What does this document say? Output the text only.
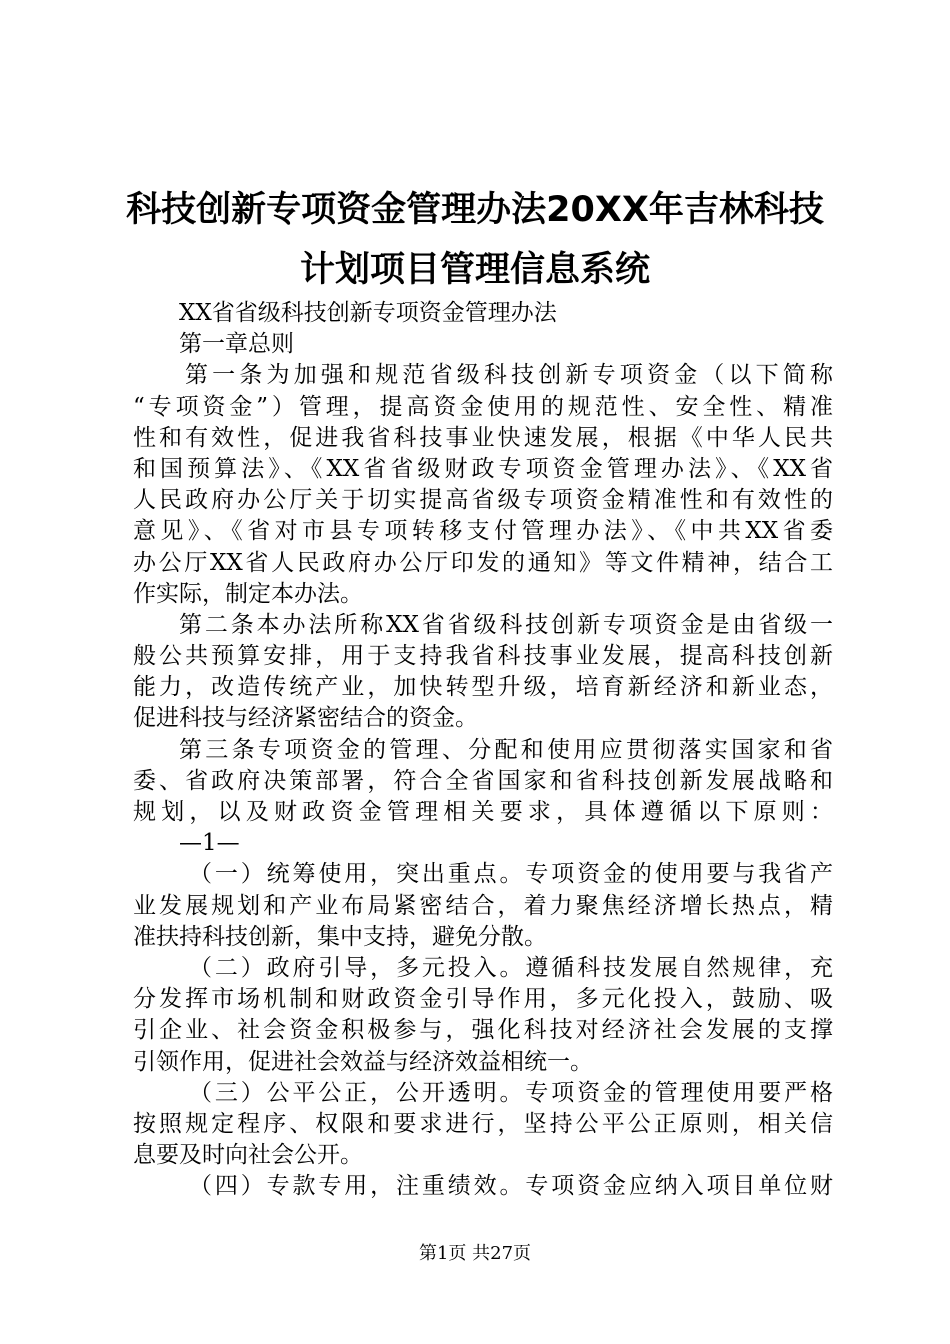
科技创新专项资金管理办法20XX年吉林科技
计划项目管理信息系统
XX省省级科技创新专项资金管理办法
第一章总则
第一条为加强和规范省级科技创新专项资金（以下简称
“专项资金”）管理，提高资金使用的规范性、安全性、精准
性和有效性，促进我省科技事业快速发展，根据《中华人民共
和国预算法》、《XX省省级财政专项资金管理办法》、《XX省
人民政府办公厅关于切实提高省级专项资金精准性和有效性的
意见》、《省对市县专项转移支付管理办法》、《中共XX省委
办公厅XX省人民政府办公厅印发的通知》等文件精神，结合工
作实际，制定本办法。
第二条本办法所称XX省省级科技创新专项资金是由省级一
般公共预算安排，用于支持我省科技事业发展，提高科技创新
能力，改造传统产业，加快转型升级，培育新经济和新业态，
促进科技与经济紧密结合的资金。
第三条专项资金的管理、分配和使用应贯彻落实国家和省
委、省政府决策部署，符合全省国家和省科技创新发展战略和
规划，以及财政资金管理相关要求，具体遵循以下原则：
—1—
（一）统筹使用，突出重点。专项资金的使用要与我省产
业发展规划和产业布局紧密结合，着力聚焦经济增长热点，精
准扶持科技创新，集中支持，避免分散。
（二）政府引导，多元投入。遵循科技发展自然规律，充
分发挥市场机制和财政资金引导作用，多元化投入，鼓励、吸
引企业、社会资金积极参与，强化科技对经济社会发展的支撑
引领作用，促进社会效益与经济效益相统一。
（三）公平公正，公开透明。专项资金的管理使用要严格
按照规定程序、权限和要求进行，坚持公平公正原则，相关信
息要及时向社会公开。
（四）专款专用，注重绩效。专项资金应纳入项目单位财
第1页 共27页
